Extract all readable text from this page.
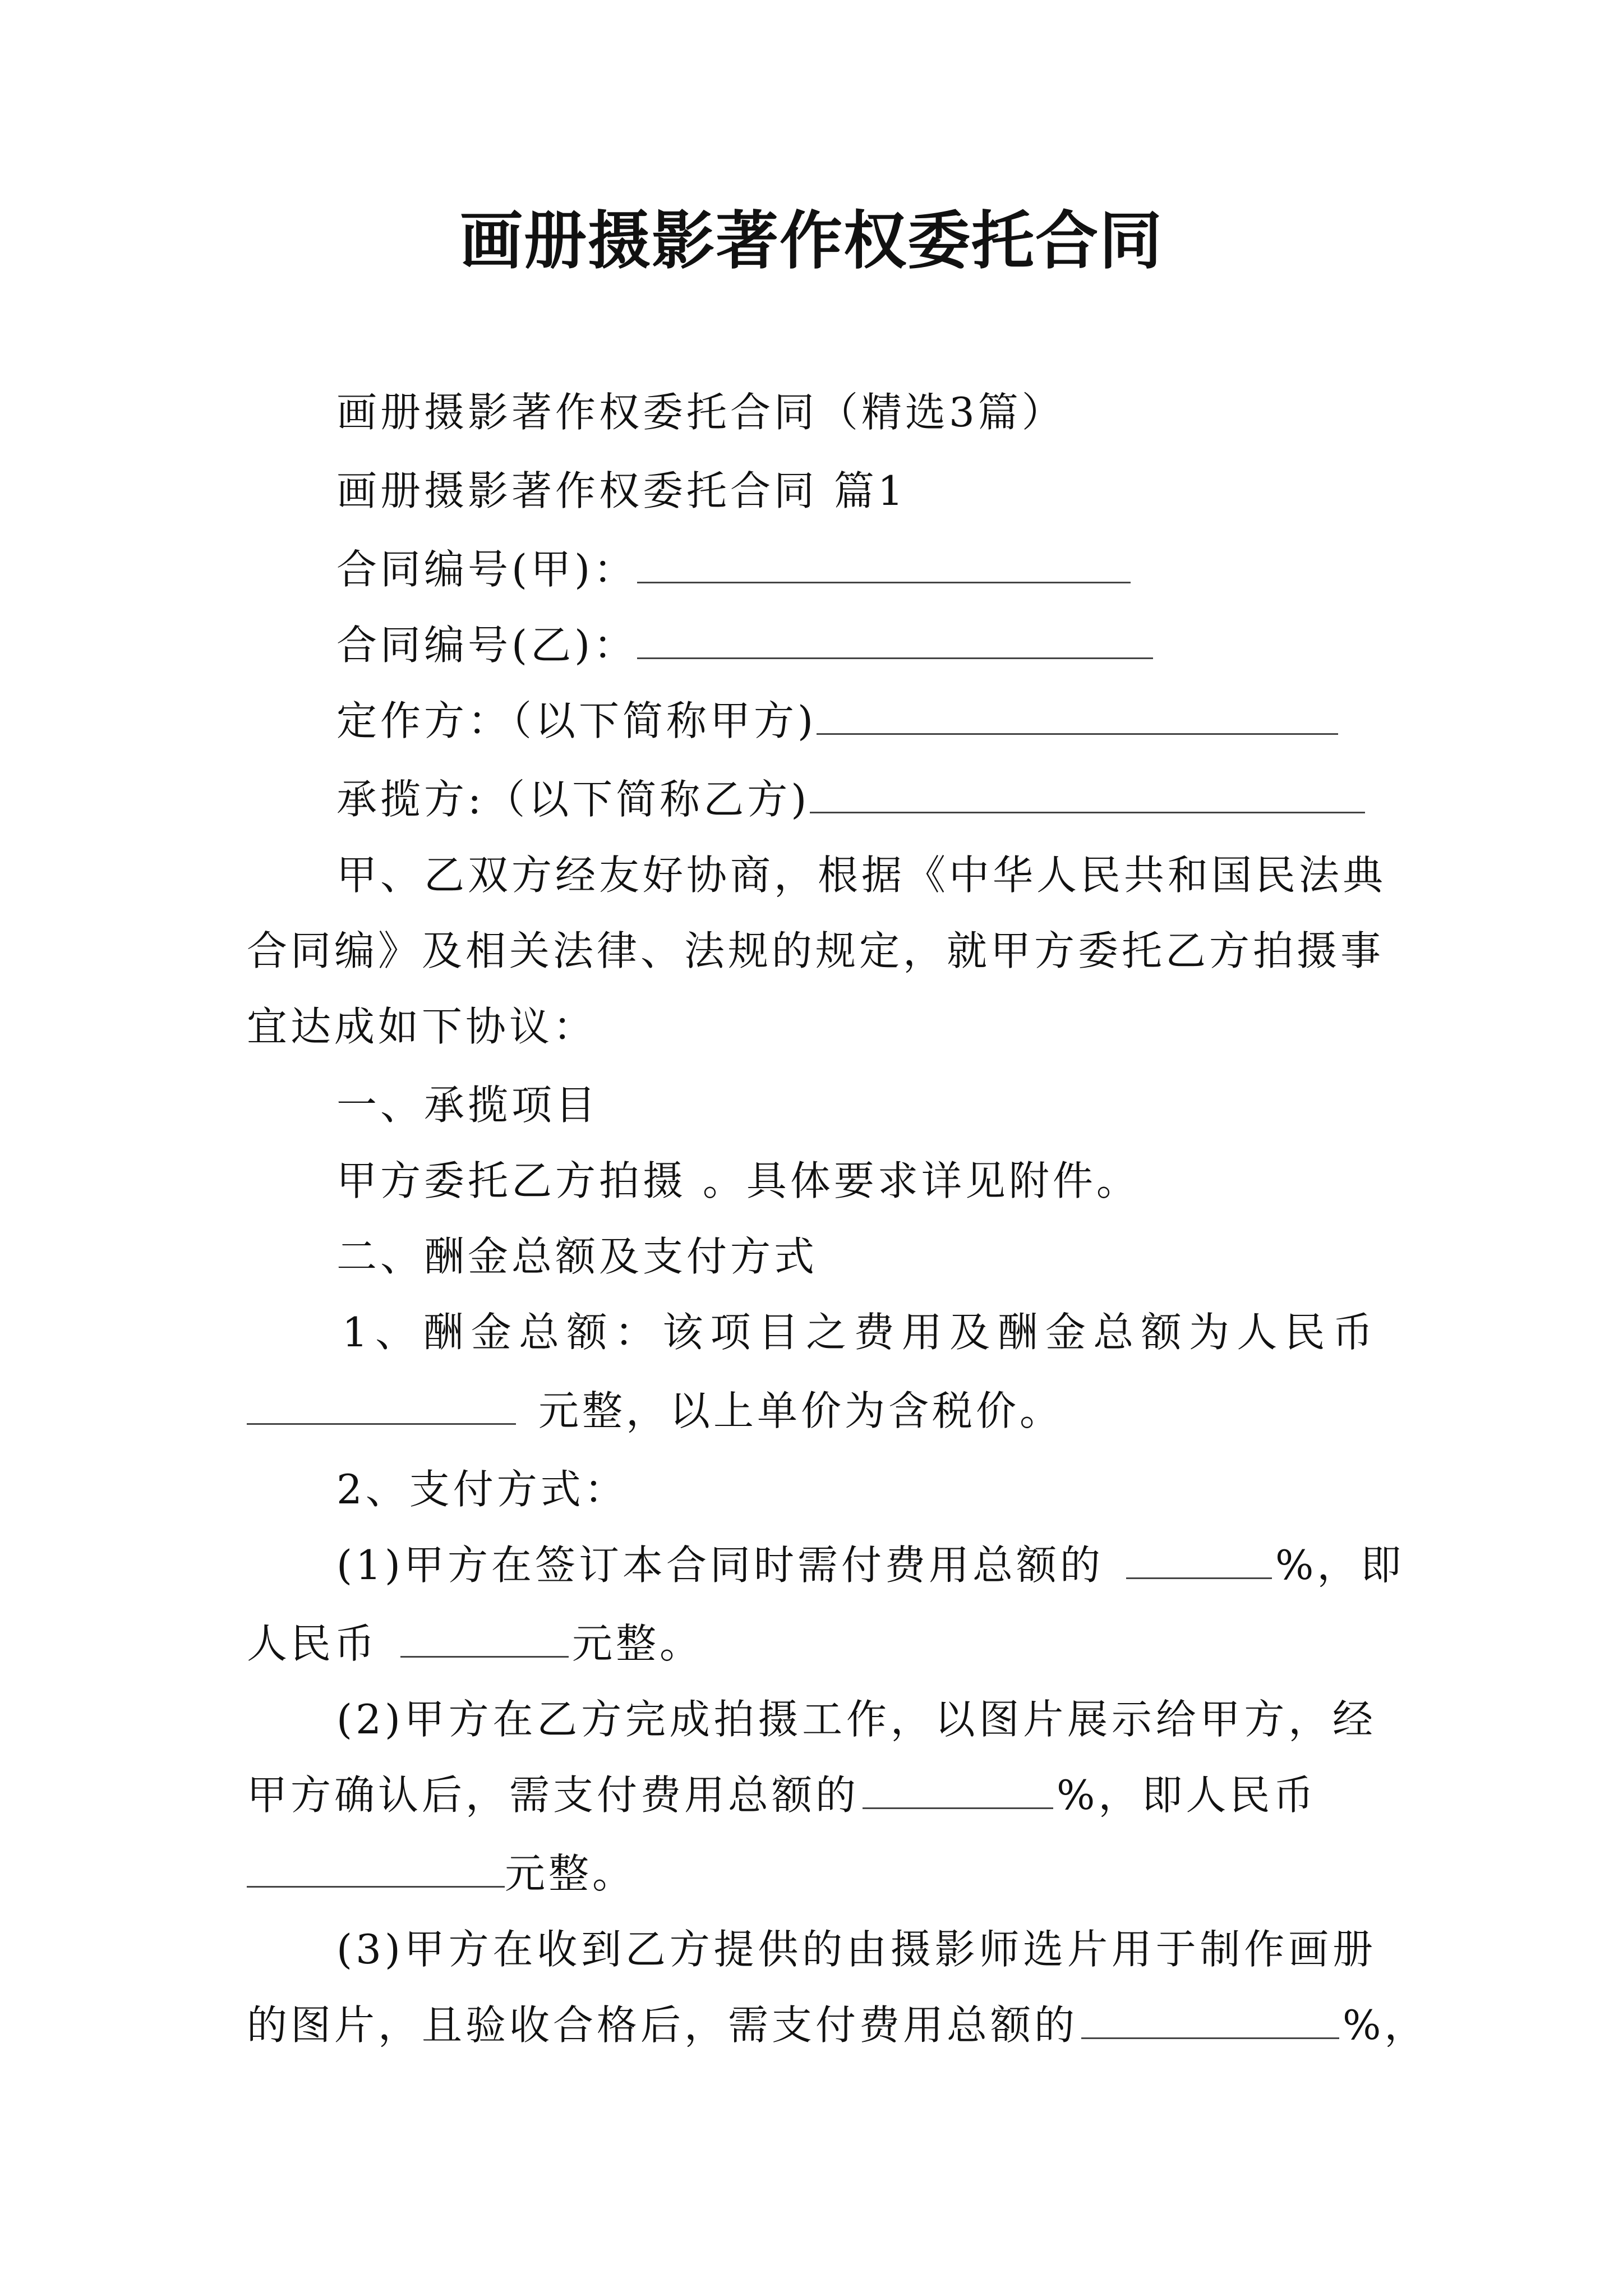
画册摄影著作权委托合同
画册摄影著作权委托合同（精选3篇）
画册摄影著作权委托合同 篇1
合同编号(甲)：
合同编号(乙)：
定作方：（以下简称甲方)
承揽方:（以下简称乙方)
甲、乙双方经友好协商，根据《中华人民共和国民法典
合同编》及相关法律、法规的规定，就甲方委托乙方拍摄事
宜达成如下协议：
一、承揽项目
甲方委托乙方拍摄 。具体要求详见附件。
二、酬金总额及支付方式
1、酬金总额：该项目之费用及酬金总额为人民币
元整，以上单价为含税价。
2、支付方式：
(1)甲方在签订本合同时需付费用总额的	%，即
人民币	元整。
(2)甲方在乙方完成拍摄工作，以图片展示给甲方，经
甲方确认后，需支付费用总额的	%，即人民币
元整。
(3)甲方在收到乙方提供的由摄影师选片用于制作画册
的图片，且验收合格后，需支付费用总额的	%，
